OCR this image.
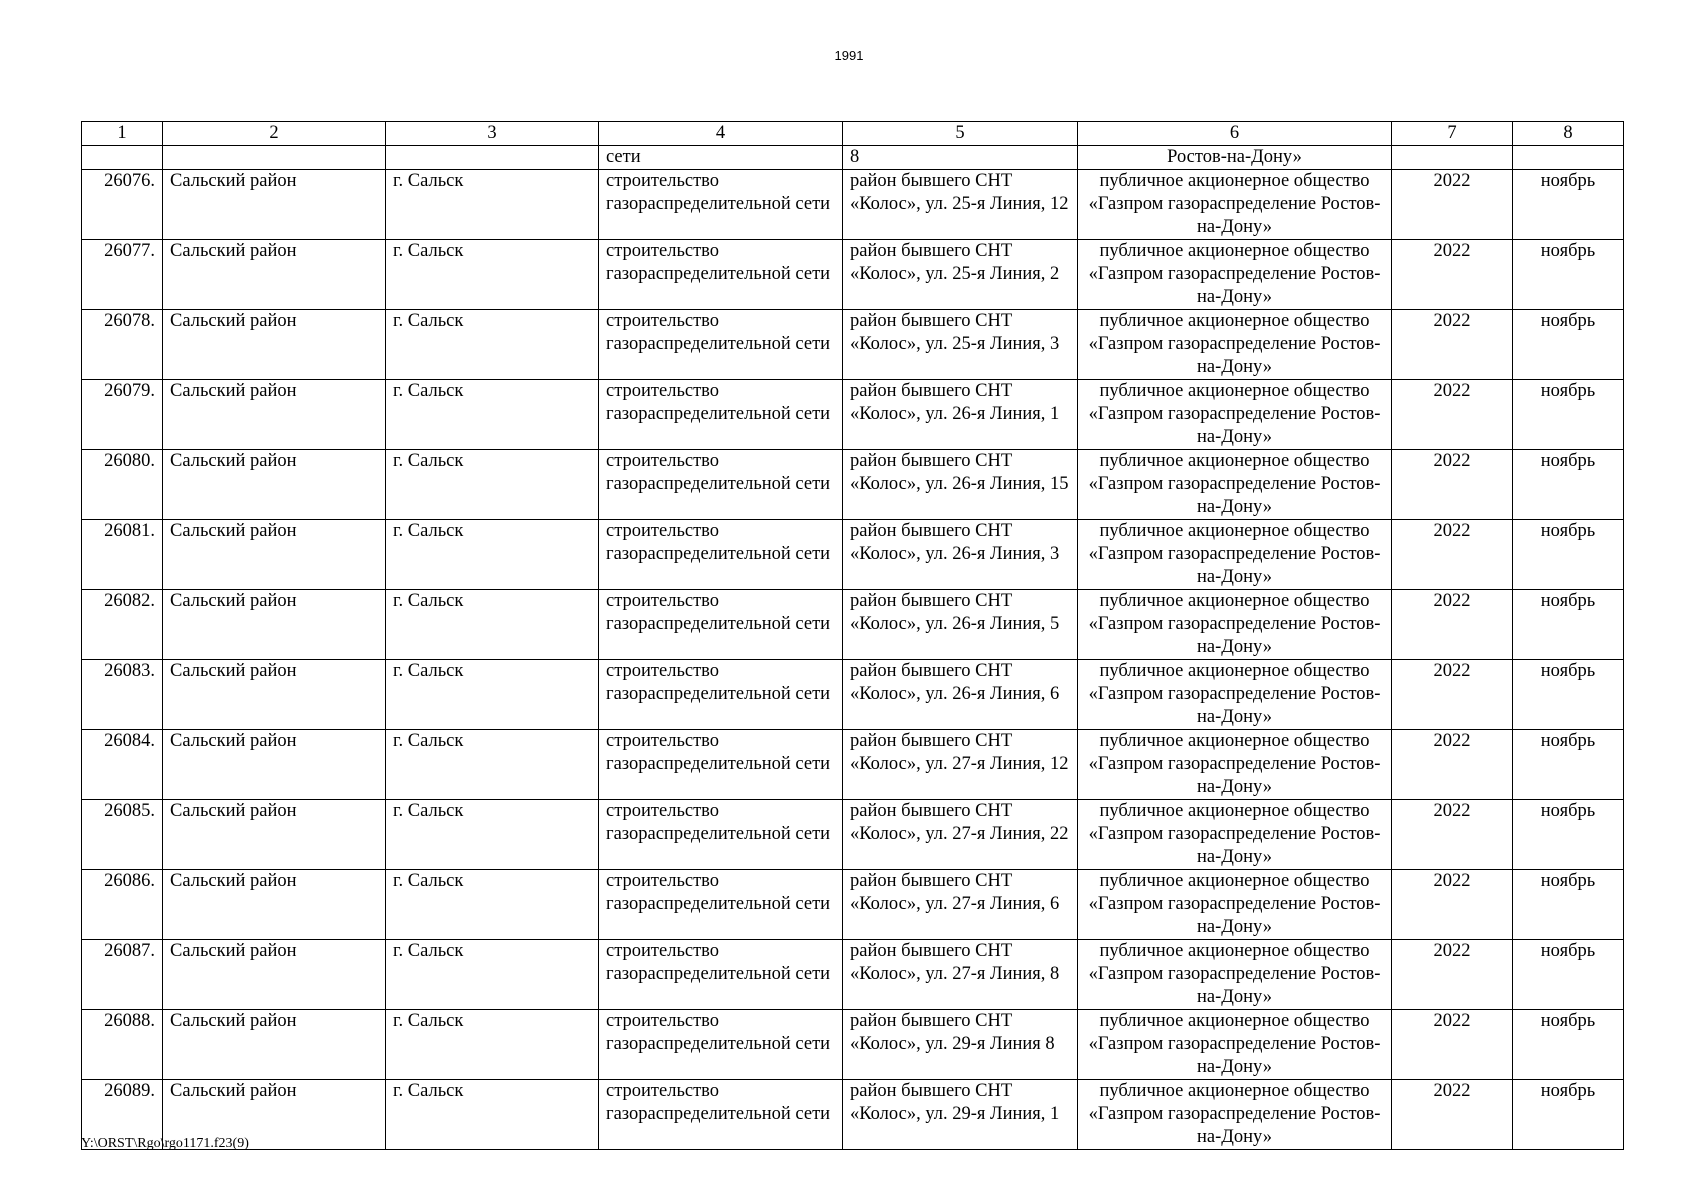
1991
1	2	3	4	5	6	7	8
			сети	8	Ростов-на-Дону»		
26076.	Сальский район	г. Сальск	строительство газораспределительной сети	район бывшего СНТ «Колос», ул. 25-я Линия, 12	публичное акционерное общество «Газпром газораспределение Ростов-на-Дону»	2022	ноябрь
26077.	Сальский район	г. Сальск	строительство газораспределительной сети	район бывшего СНТ «Колос», ул. 25-я Линия, 2	публичное акционерное общество «Газпром газораспределение Ростов-на-Дону»	2022	ноябрь
26078.	Сальский район	г. Сальск	строительство газораспределительной сети	район бывшего СНТ «Колос», ул. 25-я Линия, 3	публичное акционерное общество «Газпром газораспределение Ростов-на-Дону»	2022	ноябрь
26079.	Сальский район	г. Сальск	строительство газораспределительной сети	район бывшего СНТ «Колос», ул. 26-я Линия, 1	публичное акционерное общество «Газпром газораспределение Ростов-на-Дону»	2022	ноябрь
26080.	Сальский район	г. Сальск	строительство газораспределительной сети	район бывшего СНТ «Колос», ул. 26-я Линия, 15	публичное акционерное общество «Газпром газораспределение Ростов-на-Дону»	2022	ноябрь
26081.	Сальский район	г. Сальск	строительство газораспределительной сети	район бывшего СНТ «Колос», ул. 26-я Линия, 3	публичное акционерное общество «Газпром газораспределение Ростов-на-Дону»	2022	ноябрь
26082.	Сальский район	г. Сальск	строительство газораспределительной сети	район бывшего СНТ «Колос», ул. 26-я Линия, 5	публичное акционерное общество «Газпром газораспределение Ростов-на-Дону»	2022	ноябрь
26083.	Сальский район	г. Сальск	строительство газораспределительной сети	район бывшего СНТ «Колос», ул. 26-я Линия, 6	публичное акционерное общество «Газпром газораспределение Ростов-на-Дону»	2022	ноябрь
26084.	Сальский район	г. Сальск	строительство газораспределительной сети	район бывшего СНТ «Колос», ул. 27-я Линия, 12	публичное акционерное общество «Газпром газораспределение Ростов-на-Дону»	2022	ноябрь
26085.	Сальский район	г. Сальск	строительство газораспределительной сети	район бывшего СНТ «Колос», ул. 27-я Линия, 22	публичное акционерное общество «Газпром газораспределение Ростов-на-Дону»	2022	ноябрь
26086.	Сальский район	г. Сальск	строительство газораспределительной сети	район бывшего СНТ «Колос», ул. 27-я Линия, 6	публичное акционерное общество «Газпром газораспределение Ростов-на-Дону»	2022	ноябрь
26087.	Сальский район	г. Сальск	строительство газораспределительной сети	район бывшего СНТ «Колос», ул. 27-я Линия, 8	публичное акционерное общество «Газпром газораспределение Ростов-на-Дону»	2022	ноябрь
26088.	Сальский район	г. Сальск	строительство газораспределительной сети	район бывшего СНТ «Колос», ул. 29-я Линия 8	публичное акционерное общество «Газпром газораспределение Ростов-на-Дону»	2022	ноябрь
26089.	Сальский район	г. Сальск	строительство газораспределительной сети	район бывшего СНТ «Колос», ул. 29-я Линия, 1	публичное акционерное общество «Газпром газораспределение Ростов-на-Дону»	2022	ноябрь
Y:\ORST\Rgo\rgo1171.f23(9)
